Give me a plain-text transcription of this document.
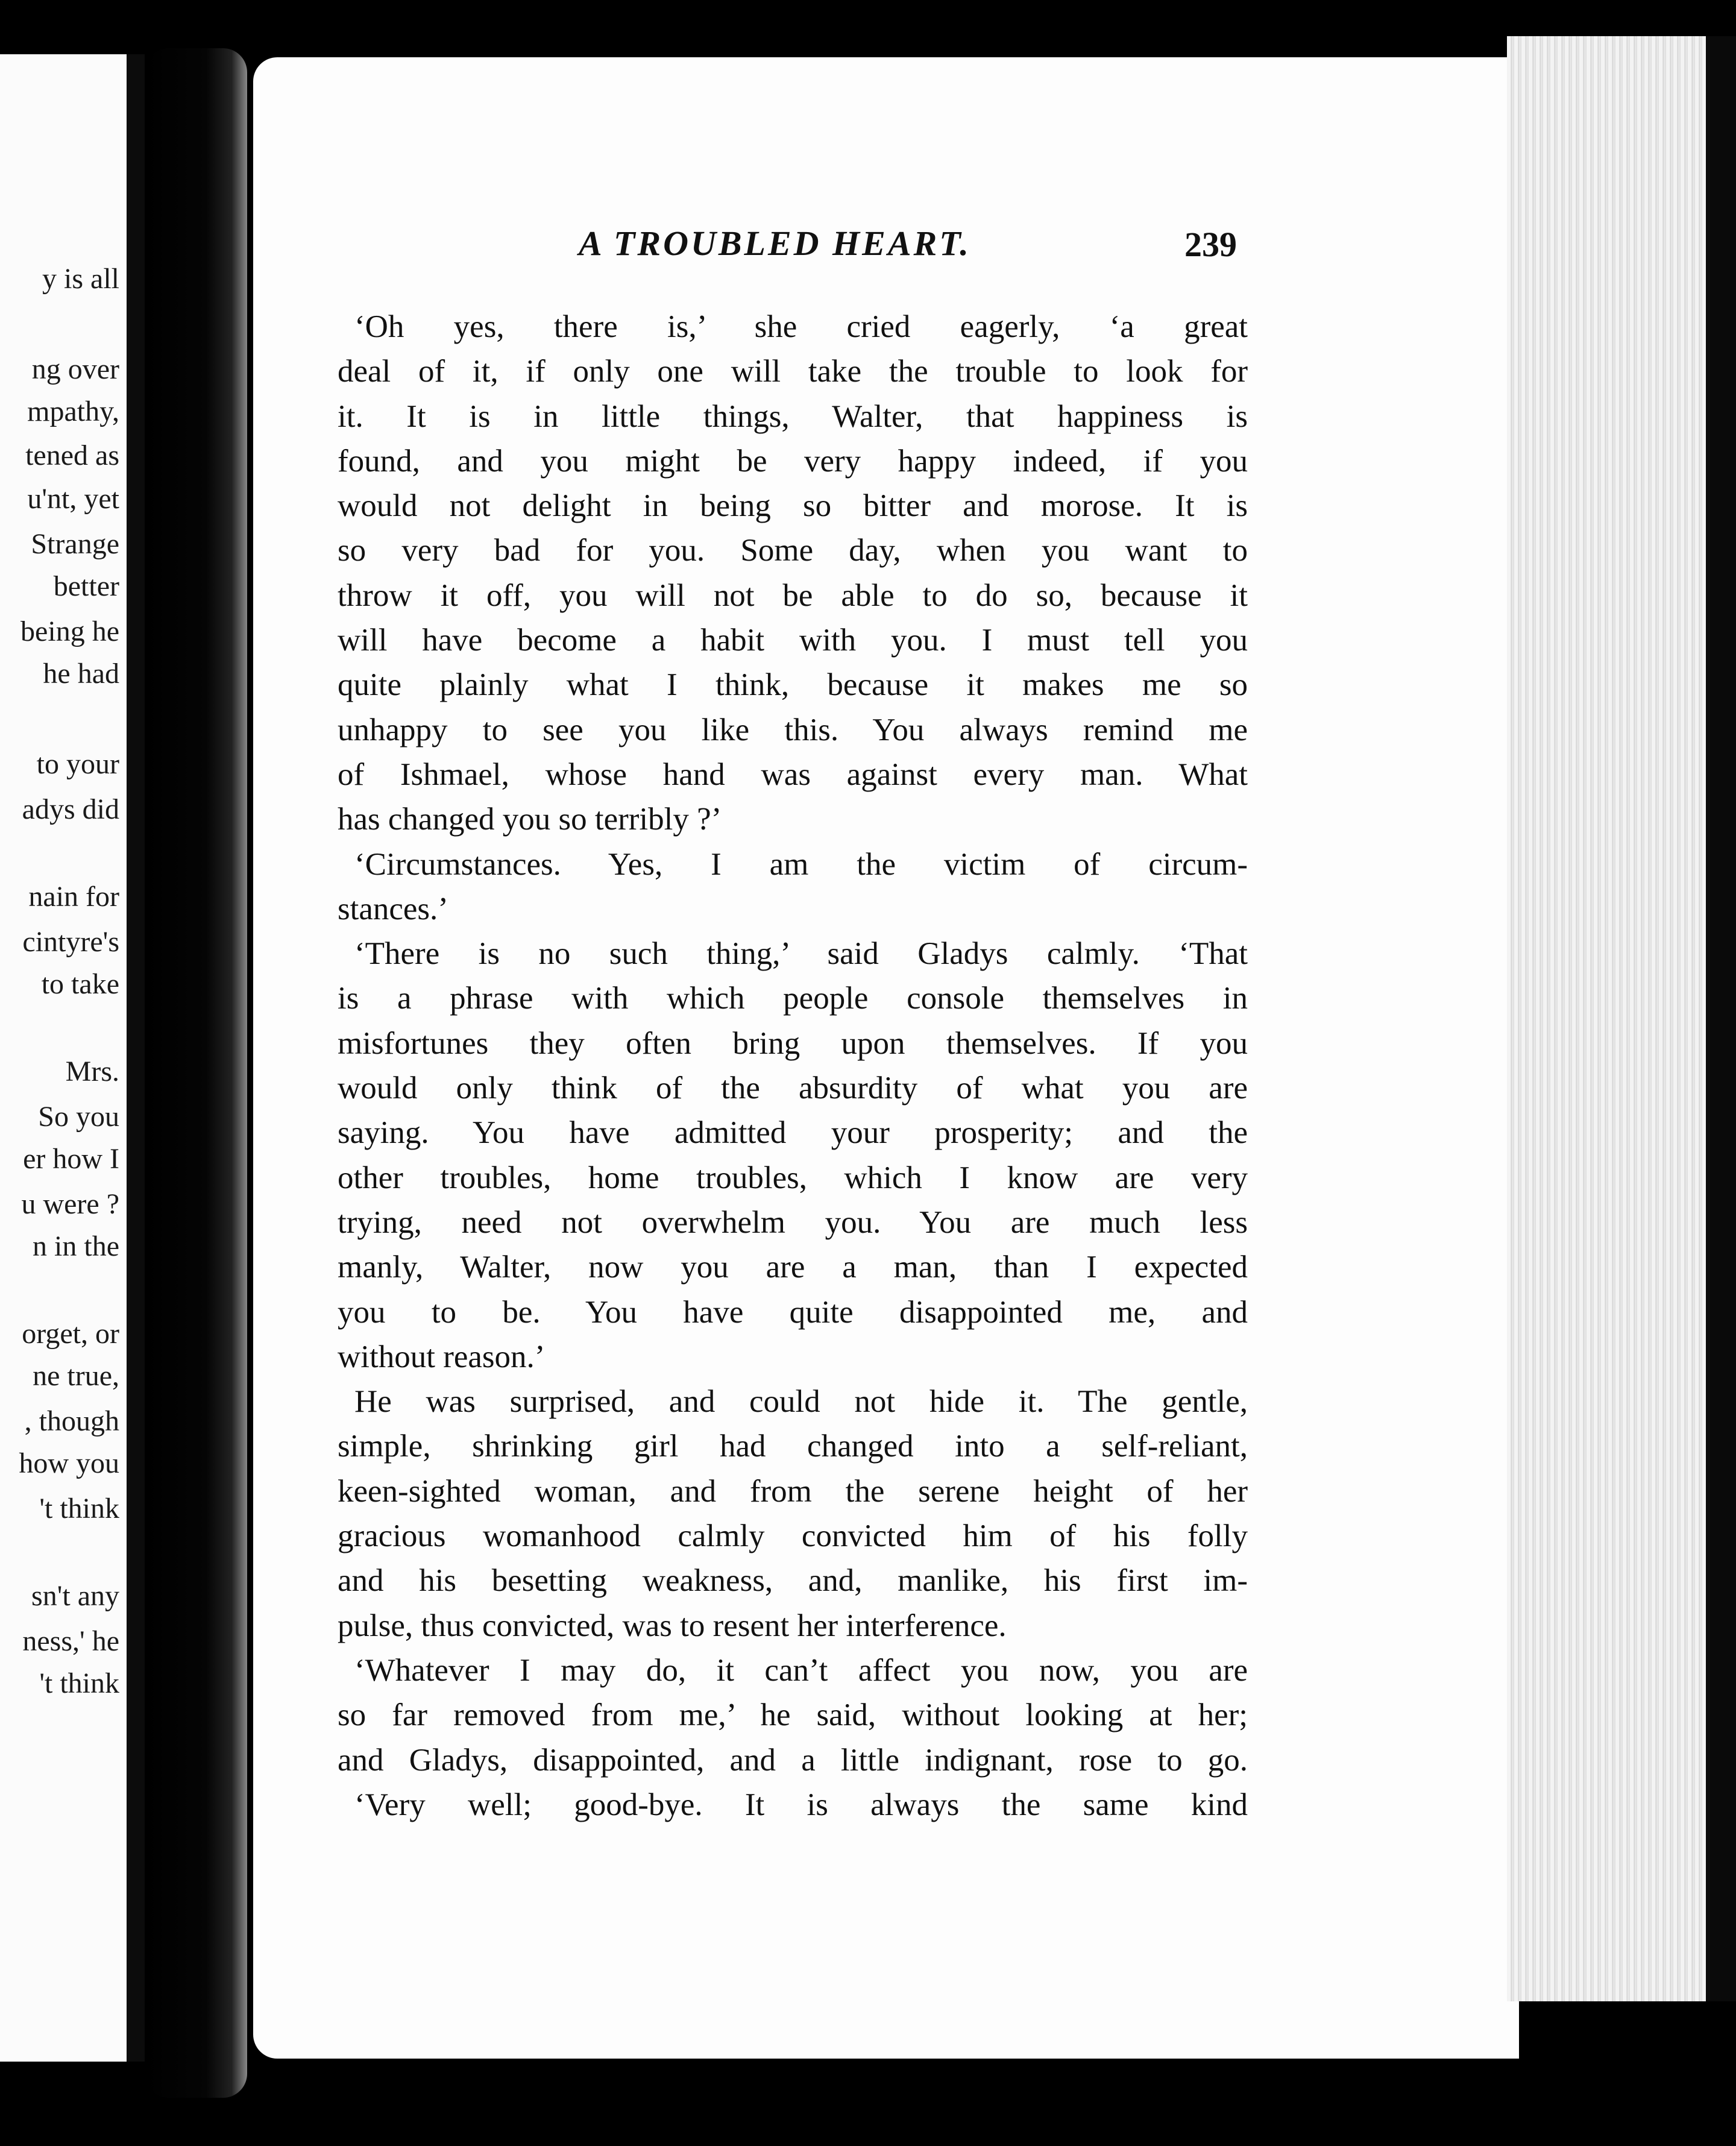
y is all
ng over
mpathy,
tened as
u'nt, yet
Strange
better
being he
he had
to your
adys did
nain for
cintyre's
to take
Mrs.
So you
er how I
u were ?
n in the
orget, or
ne true,
, though
how you
't think
sn't any
ness,' he
't think
A TROUBLED HEART.	239
‘Oh yes, there is,’ she cried eagerly, ‘a great
deal of it, if only one will take the trouble to look for
it. It is in little things, Walter, that happiness is
found, and you might be very happy indeed, if you
would not delight in being so bitter and morose. It is
so very bad for you. Some day, when you want to
throw it off, you will not be able to do so, because it
will have become a habit with you. I must tell you
quite plainly what I think, because it makes me so
unhappy to see you like this. You always remind me
of Ishmael, whose hand was against every man. What
has changed you so terribly ?’
‘Circumstances. Yes, I am the victim of circum-
stances.’
‘There is no such thing,’ said Gladys calmly. ‘That
is a phrase with which people console themselves in
misfortunes they often bring upon themselves. If you
would only think of the absurdity of what you are
saying. You have admitted your prosperity; and the
other troubles, home troubles, which I know are very
trying, need not overwhelm you. You are much less
manly, Walter, now you are a man, than I expected
you to be. You have quite disappointed me, and
without reason.’
He was surprised, and could not hide it. The gentle,
simple, shrinking girl had changed into a self-reliant,
keen-sighted woman, and from the serene height of her
gracious womanhood calmly convicted him of his folly
and his besetting weakness, and, manlike, his first im-
pulse, thus convicted, was to resent her interference.
‘Whatever I may do, it can’t affect you now, you are
so far removed from me,’ he said, without looking at her;
and Gladys, disappointed, and a little indignant, rose to go.
‘Very well; good-bye. It is always the same kind
